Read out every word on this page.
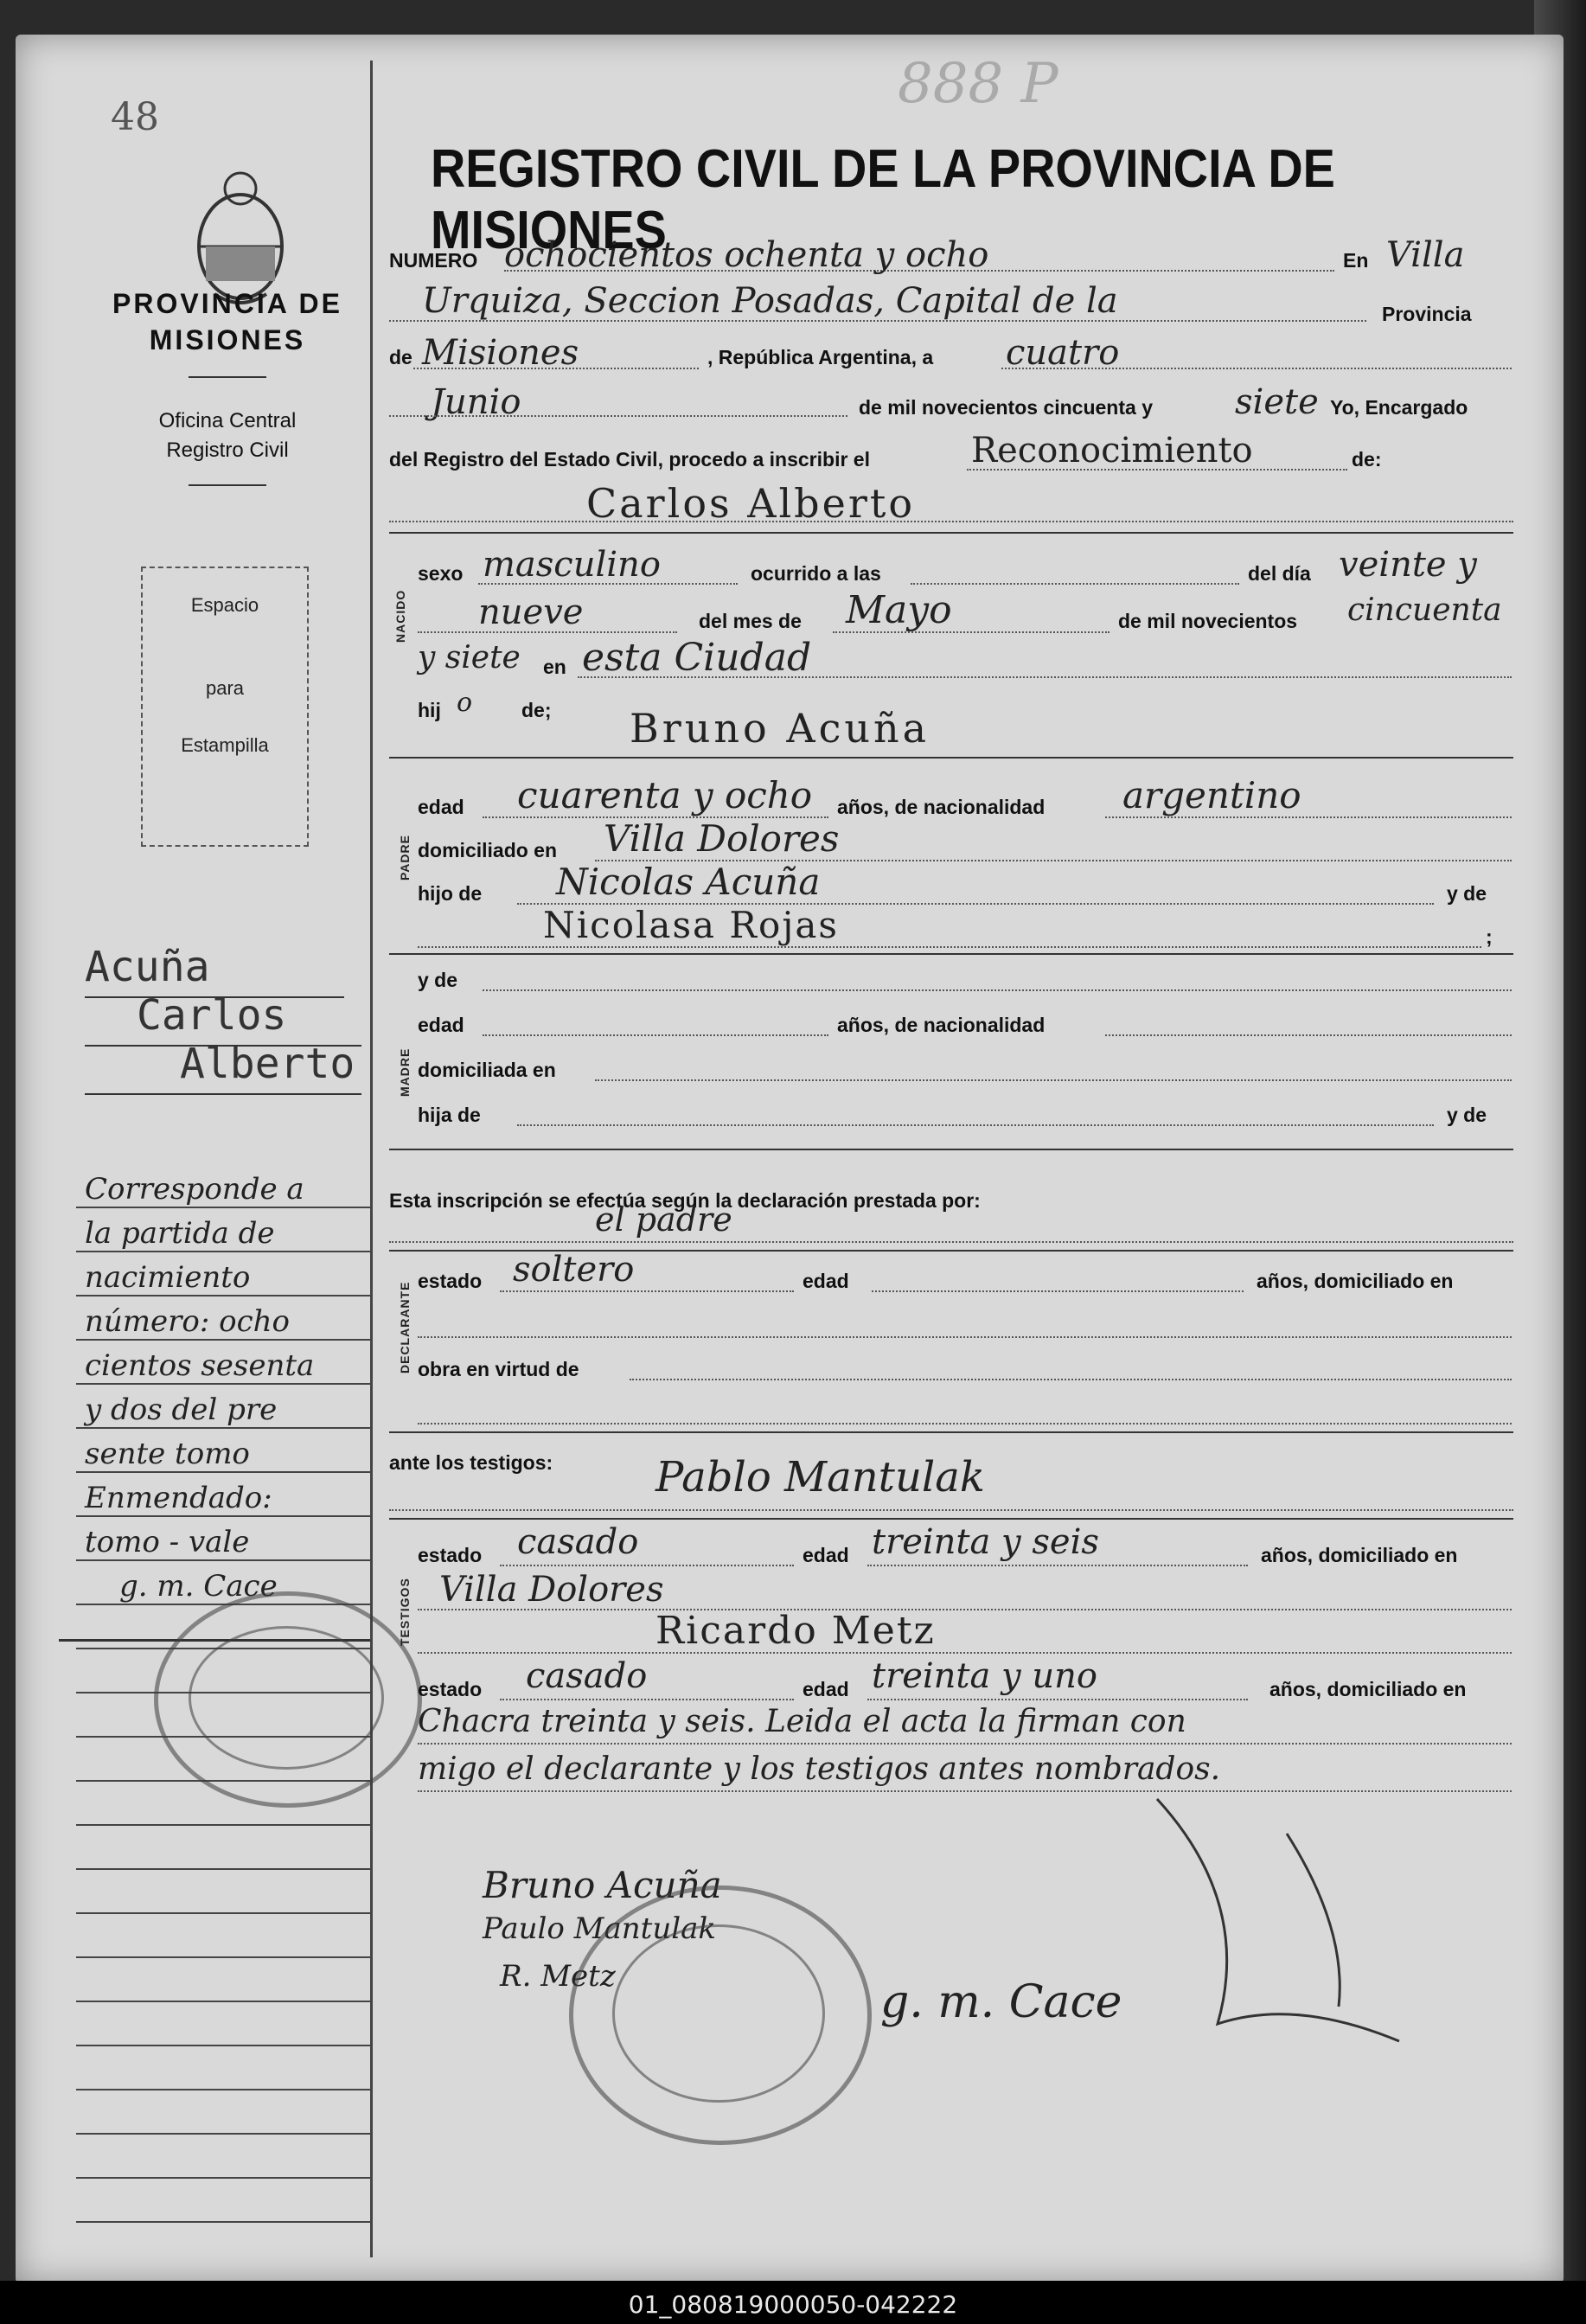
48
888 P
PROVINCIA DE
MISIONES
Oficina Central
Registro Civil
Espacio
para
Estampilla
Acuña
Carlos
Alberto
Corresponde a
la partida de
nacimiento
número: ocho
cientos sesenta
y dos del pre
sente tomo
Enmendado:
tomo - vale
g. m. Cace
REGISTRO CIVIL DE LA PROVINCIA DE MISIONES
NUMERO ochocientos ochenta y ocho	En Villa
Urquiza, Seccion Posadas, Capital de la	Provincia
de Misiones	, República Argentina, a cuatro
Junio	de mil novecientos cincuenta y siete Yo, Encargado
del Registro del Estado Civil, procedo a inscribir el	Reconocimiento	de:
Carlos Alberto
NACIDO
sexo masculino	ocurrido a las	del día veinte y
nueve	del mes de Mayo	de mil novecientos cincuenta
y siete en esta Ciudad
hij o de; Bruno Acuña
PADRE
edad cuarenta y ocho años, de nacionalidad argentino
domiciliado en Villa Dolores
hijo de Nicolas Acuña	y de
Nicolasa Rojas	;
MADRE
y de
edad	años, de nacionalidad
domiciliada en
hija de	y de
Esta inscripción se efectúa según la declaración prestada por:
el padre
DECLARANTE
estado soltero	edad	años, domiciliado en
obra en virtud de
ante los testigos: Pablo Mantulak
TESTIGOS
estado casado	edad treinta y seis	años, domiciliado en
Villa Dolores
Ricardo Metz
estado casado	edad treinta y uno	años, domiciliado en
Chacra treinta y seis. Leida el acta la firman con
migo el declarante y los testigos antes nombrados.
Bruno Acuña
Paulo Mantulak
R. Metz	g. m. Cace
01_080819000050-042222
